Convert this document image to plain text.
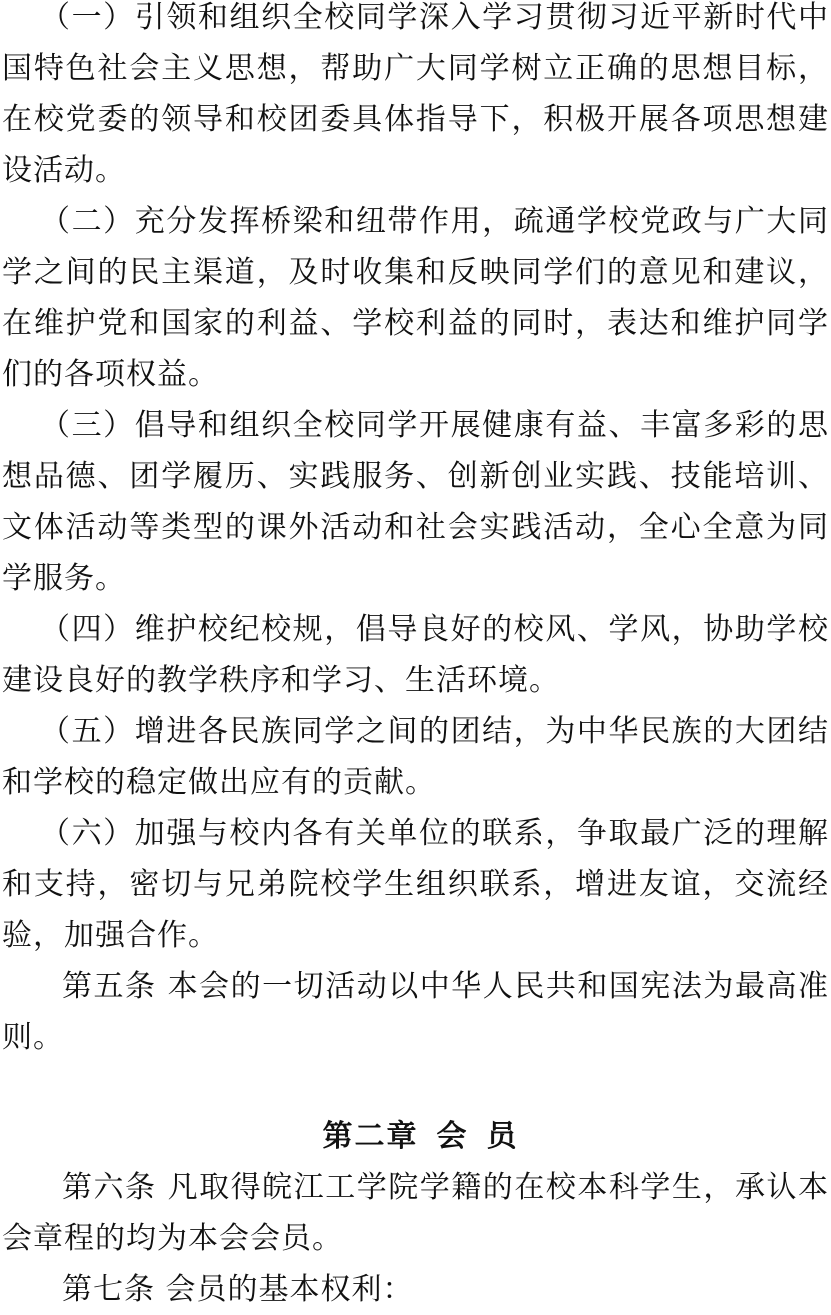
（一）引领和组织全校同学深入学习贯彻习近平新时代中国特色社会主义思想，帮助广大同学树立正确的思想目标，在校党委的领导和校团委具体指导下，积极开展各项思想建设活动。

（二）充分发挥桥梁和纽带作用，疏通学校党政与广大同学之间的民主渠道，及时收集和反映同学们的意见和建议，在维护党和国家的利益、学校利益的同时，表达和维护同学们的各项权益。

（三）倡导和组织全校同学开展健康有益、丰富多彩的思想品德、团学履历、实践服务、创新创业实践、技能培训、文体活动等类型的课外活动和社会实践活动，全心全意为同学服务。

（四）维护校纪校规，倡导良好的校风、学风，协助学校建设良好的教学秩序和学习、生活环境。

（五）增进各民族同学之间的团结，为中华民族的大团结和学校的稳定做出应有的贡献。

（六）加强与校内各有关单位的联系，争取最广泛的理解和支持，密切与兄弟院校学生组织联系，增进友谊，交流经验，加强合作。

第五条 本会的一切活动以中华人民共和国宪法为最高准则。

第二章 会 员

第六条 凡取得皖江工学院学籍的在校本科学生，承认本会章程的均为本会会员。

第七条 会员的基本权利：
